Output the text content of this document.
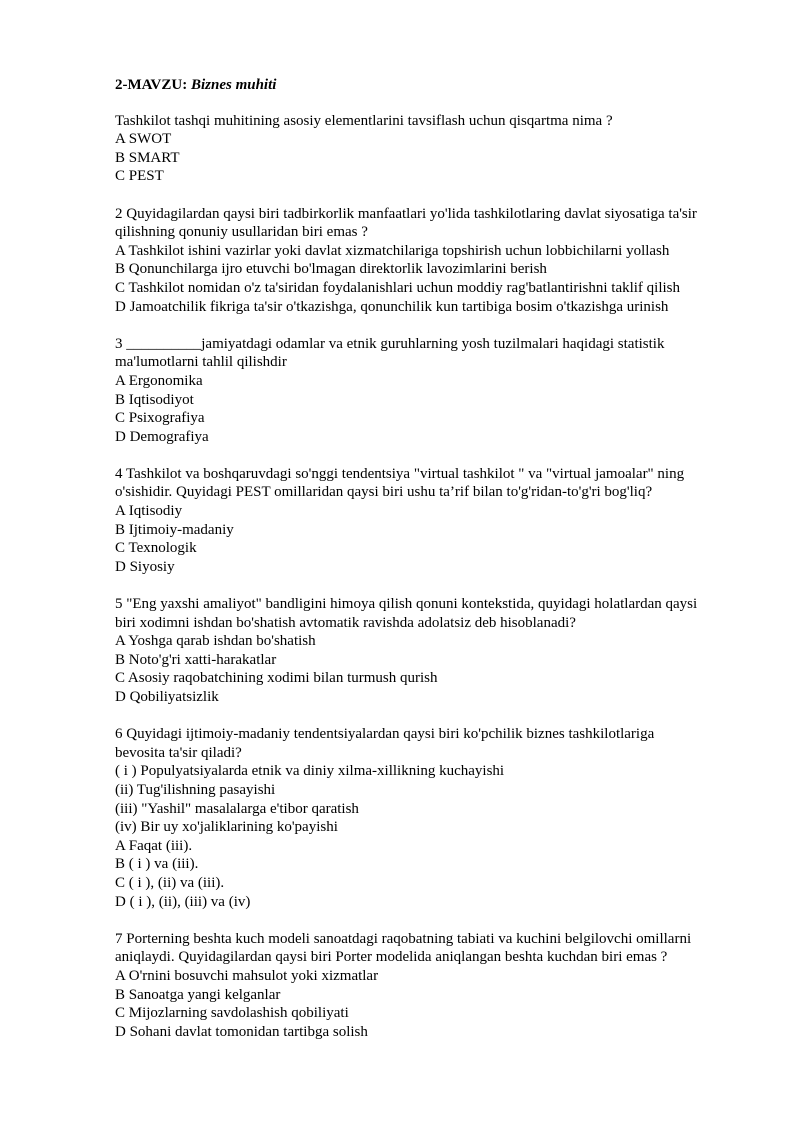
2-MAVZU: Biznes muhiti
Tashkilot tashqi muhitining asosiy elementlarini tavsiflash uchun qisqartma nima ?
A SWOT
B SMART
C PEST
2 Quyidagilardan qaysi biri tadbirkorlik manfaatlari yo'lida tashkilotlaring davlat siyosatiga ta'sir
qilishning qonuniy usullaridan biri emas ?
A Tashkilot ishini vazirlar yoki davlat xizmatchilariga topshirish uchun lobbichilarni yollash
B Qonunchilarga ijro etuvchi bo'lmagan direktorlik lavozimlarini berish
C Tashkilot nomidan o'z ta'siridan foydalanishlari uchun moddiy rag'batlantirishni taklif qilish
D Jamoatchilik fikriga ta'sir o'tkazishga, qonunchilik kun tartibiga bosim o'tkazishga urinish
3 __________jamiyatdagi odamlar va etnik guruhlarning yosh tuzilmalari haqidagi statistik
ma'lumotlarni tahlil qilishdir
A Ergonomika
B Iqtisodiyot
C Psixografiya
D Demografiya
4 Tashkilot va boshqaruvdagi so'nggi tendentsiya "virtual tashkilot " va "virtual jamoalar" ning
o'sishidir. Quyidagi PEST omillaridan qaysi biri ushu ta’rif bilan to'g'ridan-to'g'ri bog'liq?
A Iqtisodiy
B Ijtimoiy-madaniy
C Texnologik
D Siyosiy
5 "Eng yaxshi amaliyot" bandligini himoya qilish qonuni kontekstida, quyidagi holatlardan qaysi
biri xodimni ishdan bo'shatish avtomatik ravishda adolatsiz deb hisoblanadi?
A Yoshga qarab ishdan bo'shatish
B Noto'g'ri xatti-harakatlar
C Asosiy raqobatchining xodimi bilan turmush qurish
D Qobiliyatsizlik
6 Quyidagi ijtimoiy-madaniy tendentsiyalardan qaysi biri ko'pchilik biznes tashkilotlariga
bevosita ta'sir qiladi?
( i ) Populyatsiyalarda etnik va diniy xilma-xillikning kuchayishi
(ii) Tug'ilishning pasayishi
(iii) "Yashil" masalalarga e'tibor qaratish
(iv) Bir uy xo'jaliklarining ko'payishi
A Faqat (iii).
B ( i ) va (iii).
C ( i ), (ii) va (iii).
D ( i ), (ii), (iii) va (iv)
7 Porterning beshta kuch modeli sanoatdagi raqobatning tabiati va kuchini belgilovchi omillarni
aniqlaydi. Quyidagilardan qaysi biri Porter modelida aniqlangan beshta kuchdan biri emas ?
A O'rnini bosuvchi mahsulot yoki xizmatlar
B Sanoatga yangi kelganlar
C Mijozlarning savdolashish qobiliyati
D Sohani davlat tomonidan tartibga solish
